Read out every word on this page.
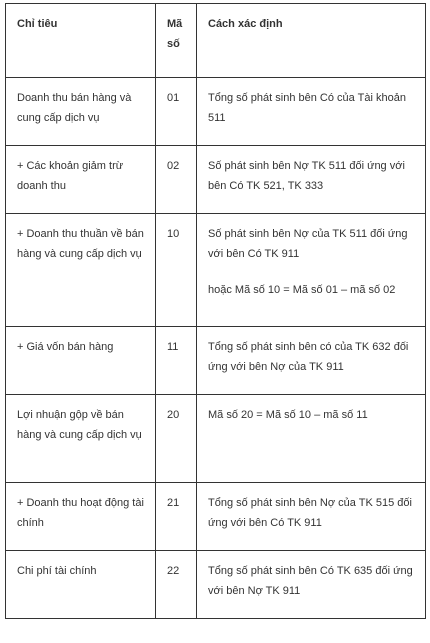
Chỉ tiêu	Mã số	Cách xác định
Doanh thu bán hàng và cung cấp dịch vụ	01	Tổng số phát sinh bên Có của Tài khoản 511

+ Các khoản giảm trừ doanh thu	02	Số phát sinh bên Nợ TK 511 đối ứng với bên Có TK 521, TK 333

+ Doanh thu thuần về bán hàng và cung cấp dịch vụ	10	Số phát sinh bên Nợ của TK 511 đối ứng với bên Có TK 911

hoặc Mã số 10 = Mã số 01 – mã số 02

+ Giá vốn bán hàng	11	Tổng số phát sinh bên có của TK 632 đối ứng với bên Nợ của TK 911

Lợi nhuận gộp về bán hàng và cung cấp dịch vụ	20	Mã số 20 = Mã số 10 – mã số 11

+ Doanh thu hoạt động tài chính	21	Tổng số phát sinh bên Nợ của TK 515 đối ứng với bên Có TK 911

Chi phí tài chính	22	Tổng số phát sinh bên Có TK 635 đối ứng với bên Nợ TK 911
